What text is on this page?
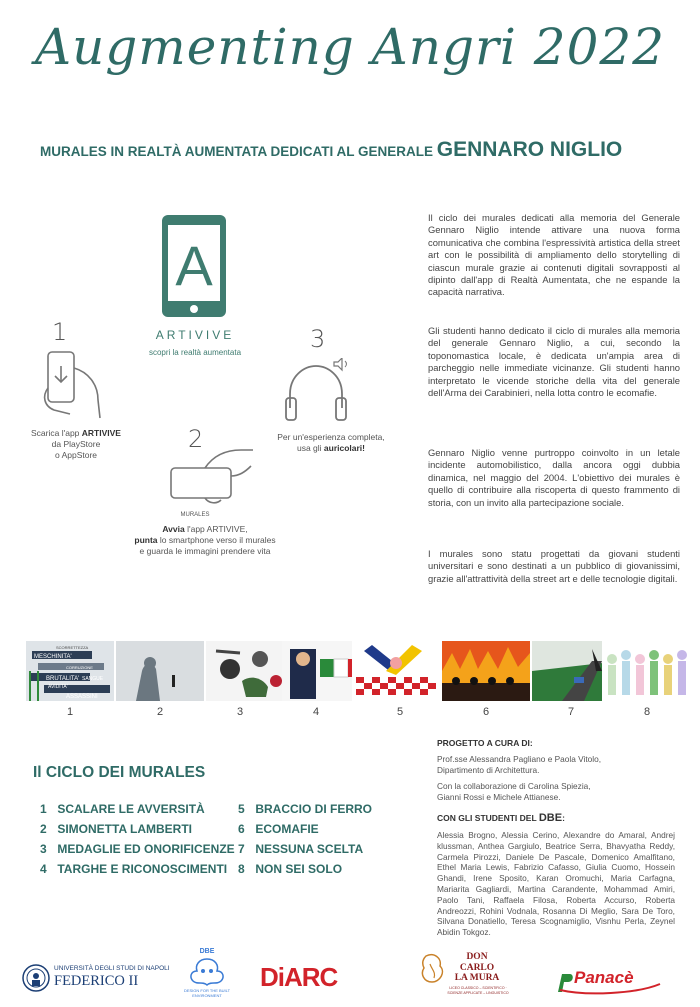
Augmenting Angri 2022
MURALES IN REALTÀ AUMENTATA DEDICATI AL GENERALE GENNARO NIGLIO
A
ARTIVIVE
scopri la realtà aumentata
1
Scarica l'app ARTIVIVE
da PlayStore
o AppStore
2
MURALES
Avvia l'app ARTIVIVE,
punta lo smartphone verso il murales
e guarda le immagini prendere vita
3
Per un'esperienza completa,
usa gli auricolari!
Il ciclo dei murales dedicati alla memoria del Generale Gennaro Niglio intende attivare una nuova forma comunicativa che combina l'espressività artistica della street art con le possibilità di ampliamento dello storytelling di ciascun murale grazie ai contenuti digitali sovrapposti al dipinto dall'app di Realtà Aumentata, che ne espande la capacità narrativa.
Gli studenti hanno dedicato il ciclo di murales alla memoria del generale Gennaro Niglio, a cui, secondo la toponomastica locale, è dedicata un'ampia area di parcheggio nelle immediate vicinanze. Gli studenti hanno interpretato le vicende storiche della vita del generale dell'Arma dei Carabinieri, nella lotta contro le ecomafie.
Gennaro Niglio venne purtroppo coinvolto in un letale incidente automobilistico, dalla ancora oggi dubbia dinamica, nel maggio del 2004. L'obiettivo dei murales è quello di contribuire alla riscoperta di questo frammento di storia, con un invito alla partecipazione sociale.
I murales sono statu progettati da giovani studenti universitari e sono destinati a un pubblico di giovanissimi, grazie all'attrattività della street art e delle tecnologie digitali.
MESCHINITA'
SCORRETTEZZA
CORRUZIONE
BRUTALITA' SANGUE
AVIDITA'
ASSASSINI
1	2	3	4	5	6	7	8
Il CICLO DEI MURALES
1 SCALARE LE AVVERSITÀ
2 SIMONETTA LAMBERTI
3 MEDAGLIE ED ONORIFICENZE
4 TARGHE E RICONOSCIMENTI
5 BRACCIO DI FERRO
6 ECOMAFIE
7 NESSUNA SCELTA
8 NON SEI SOLO
PROGETTO A CURA DI:
Prof.sse Alessandra Pagliano e Paola Vitolo, Dipartimento di Architettura.
Con la collaborazione di Carolina Spiezia, Gianni Rossi e Michele Attianese.
CON GLI STUDENTI DEL DBE:
Alessia Brogno, Alessia Cerino, Alexandre do Amaral, Andrej klussman, Anthea Gargiulo, Beatrice Serra, Bhavyatha Reddy, Carmela Pirozzi, Daniele De Pascale, Domenico Amalfitano, Ethel Maria Lewis, Fabrizio Cafasso, Giulia Cuomo, Hossein Ghandi, Irene Sposito, Karan Oromuchi, Maria Carfagna, Mariarita Gagliardi, Martina Carandente, Mohammad Amiri, Paolo Tani, Raffaela Filosa, Roberta Accurso, Roberta Andreozzi, Rohini Vodnala, Rosanna Di Meglio, Sara De Toro, Silvana Donatiello, Teresa Scognamiglio, Visnhu Perla, Zeynel Abidin Tokgoz.
UNIVERSITÀ DEGLI STUDI DI NAPOLI
FEDERICO II
DBE
DESIGN FOR THE BUILT ENVIRONMENT
DiARC
DON
CARLO
LA MURA
LICEO CLASSICO – SCIENTIFICO · SCIENZE APPLICATE – LINGUISTICO
Panacè
